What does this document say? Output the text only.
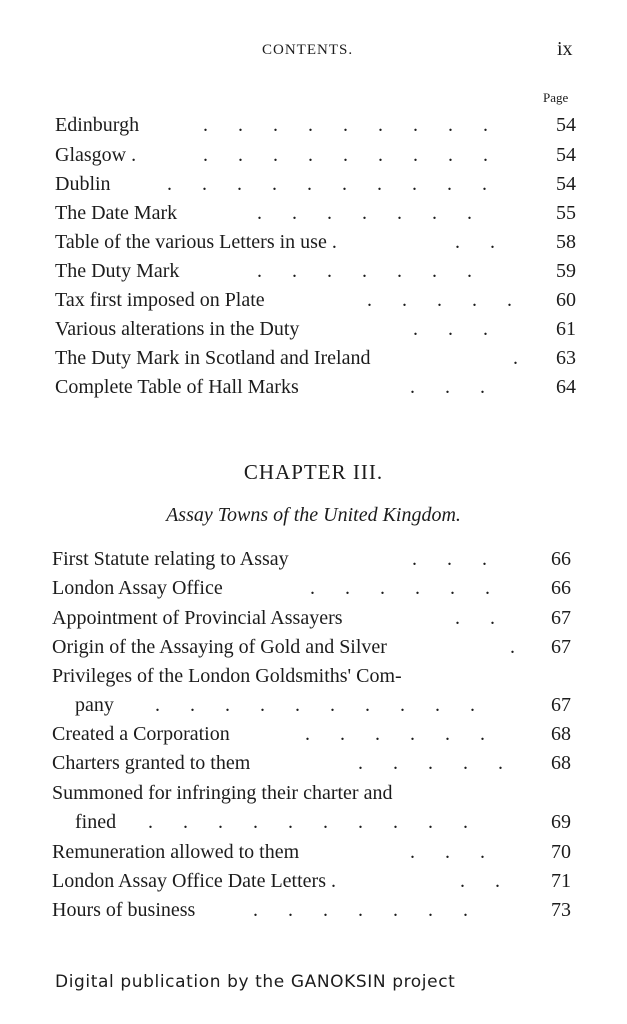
CONTENTS.	ix
Page
Edinburgh	.  .  .  .  .  .  .  .  .	54
Glasgow .	.  .  .  .  .  .  .  .  .	54
Dublin	.  .  .  .  .  .  .  .  .  .	54
The Date Mark	.  .  .  .  .  .  .	55
Table of the various Letters in use .	.  .	58
The Duty Mark	.  .  .  .  .  .  .	59
Tax first imposed on Plate	.  .  .  .  . 60
Various alterations in the Duty	.  .  .	61
The Duty Mark in Scotland and Ireland	. 63
Complete Table of Hall Marks	.  .  .	64
CHAPTER III.
Assay Towns of the United Kingdom.
First Statute relating to Assay	.  .  .	66
London Assay Office	.  .  .  .  .  .	66
Appointment of Provincial Assayers	.  .	67
Origin of the Assaying of Gold and Silver	. 67
Privileges of the London Goldsmiths' Com-
pany .  .  .  .  .  .  .  .  .  .	67
Created a Corporation	.  .  .  .  .  .	68
Charters granted to them	.  .  .  .  . 68
Summoned for infringing their charter and
fined .  .  .  .  .  .  .  .  .  .	69
Remuneration allowed to them	.  .  .	70
London Assay Office Date Letters .	.  .	71
Hours of business	.  .  .  .  .  .  .	73
Digital publication by the GANOKSIN project
